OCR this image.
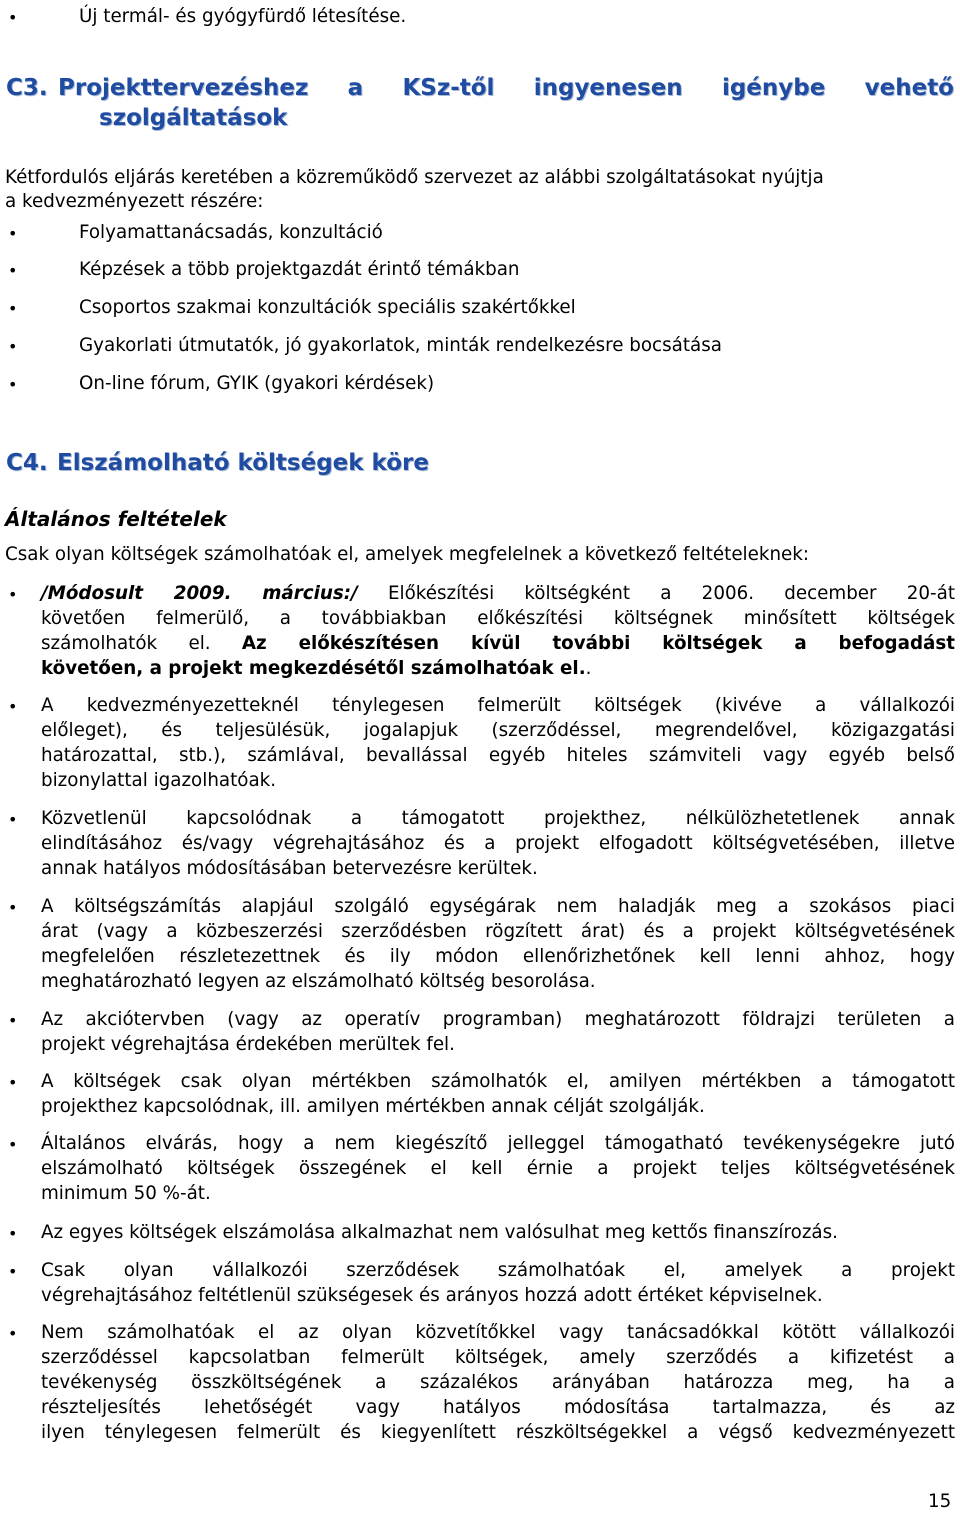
•
Új termál- és gyógyfürdő létesítése.
C3. Projekttervezéshez a KSz-től ingyenesen igénybe vehető
szolgáltatások
Kétfordulós eljárás keretében a közreműködő szervezet az alábbi szolgáltatásokat nyújtja
a kedvezményezett részére:
•
Folyamattanácsadás, konzultáció
•
Képzések a több projektgazdát érintő témákban
•
Csoportos szakmai konzultációk speciális szakértőkkel
•
Gyakorlati útmutatók, jó gyakorlatok, minták rendelkezésre bocsátása
•
On-line fórum, GYIK (gyakori kérdések)
C4. Elszámolható költségek köre
Általános feltételek
Csak olyan költségek számolhatóak el, amelyek megfelelnek a következő feltételeknek:
•
/Módosult 2009. március:/ Előkészítési költségként a 2006. december 20-át
követően felmerülő, a továbbiakban előkészítési költségnek minősített költségek
számolhatók el. Az előkészítésen kívül további költségek a befogadást
követően, a projekt megkezdésétől számolhatóak el..
•
A kedvezményezetteknél ténylegesen felmerült költségek (kivéve a vállalkozói
előleget), és teljesülésük, jogalapjuk (szerződéssel, megrendelővel, közigazgatási
határozattal, stb.), számlával, bevallással egyéb hiteles számviteli vagy egyéb belső
bizonylattal igazolhatóak.
•
Közvetlenül kapcsolódnak a támogatott projekthez, nélkülözhetetlenek annak
elindításához és/vagy végrehajtásához és a projekt elfogadott költségvetésében, illetve
annak hatályos módosításában betervezésre kerültek.
•
A költségszámítás alapjául szolgáló egységárak nem haladják meg a szokásos piaci
árat (vagy a közbeszerzési szerződésben rögzített árat) és a projekt költségvetésének
megfelelően részletezettnek és ily módon ellenőrizhetőnek kell lenni ahhoz, hogy
meghatározható legyen az elszámolható költség besorolása.
•
Az akciótervben (vagy az operatív programban) meghatározott földrajzi területen a
projekt végrehajtása érdekében merültek fel.
•
A költségek csak olyan mértékben számolhatók el, amilyen mértékben a támogatott
projekthez kapcsolódnak, ill. amilyen mértékben annak célját szolgálják.
•
Általános elvárás, hogy a nem kiegészítő jelleggel támogatható tevékenységekre jutó
elszámolható költségek összegének el kell érnie a projekt teljes költségvetésének
minimum 50 %-át.
•
Az egyes költségek elszámolása alkalmazhat nem valósulhat meg kettős finanszírozás.
•
Csak olyan vállalkozói szerződések számolhatóak el, amelyek a projekt
végrehajtásához feltétlenül szükségesek és arányos hozzá adott értéket képviselnek.
•
Nem számolhatóak el az olyan közvetítőkkel vagy tanácsadókkal kötött vállalkozói
szerződéssel kapcsolatban felmerült költségek, amely szerződés a kifizetést a
tevékenység összköltségének a százalékos arányában határozza meg, ha a
részteljesítés lehetőségét vagy hatályos módosítása tartalmazza, és az
ilyen ténylegesen felmerült és kiegyenlített részköltségekkel a végső kedvezményezett
15
